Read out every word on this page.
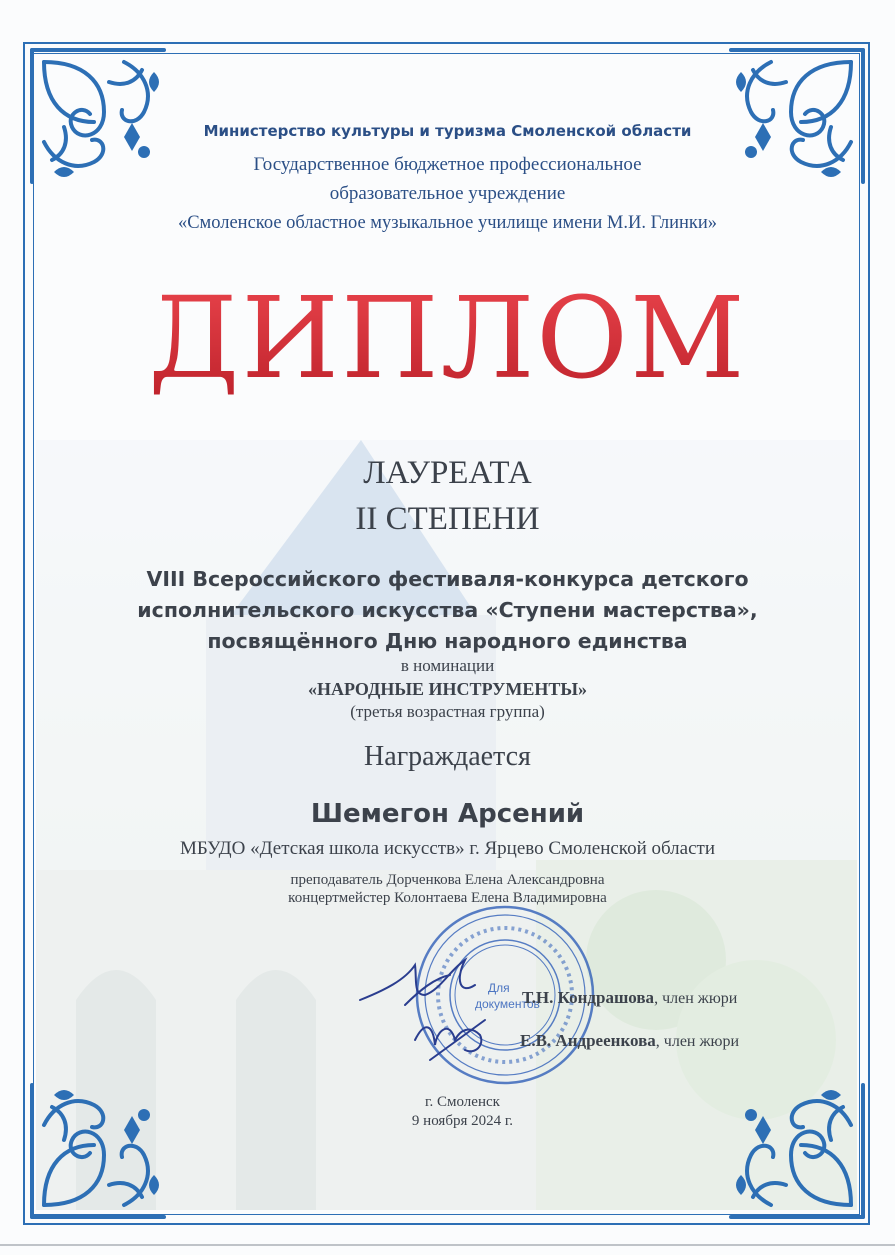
Министерство культуры и туризма Смоленской области
Государственное бюджетное профессиональное
образовательное учреждение
«Смоленское областное музыкальное училище имени М.И. Глинки»
ДИПЛОМ
ЛАУРЕАТА
II СТЕПЕНИ
VIII Всероссийского фестиваля-конкурса детского
исполнительского искусства «Ступени мастерства»,
посвящённого Дню народного единства
в номинации
«НАРОДНЫЕ ИНСТРУМЕНТЫ»
(третья возрастная группа)
Награждается
Шемегон Арсений
МБУДО «Детская школа искусств» г. Ярцево Смоленской области
преподаватель Дорченкова Елена Александровна
концертмейстер Колонтаева Елена Владимировна
Для
документов
Т.Н. Кондрашова, член жюри
Е.В. Андреенкова, член жюри
г. Смоленск
9 ноября 2024 г.
